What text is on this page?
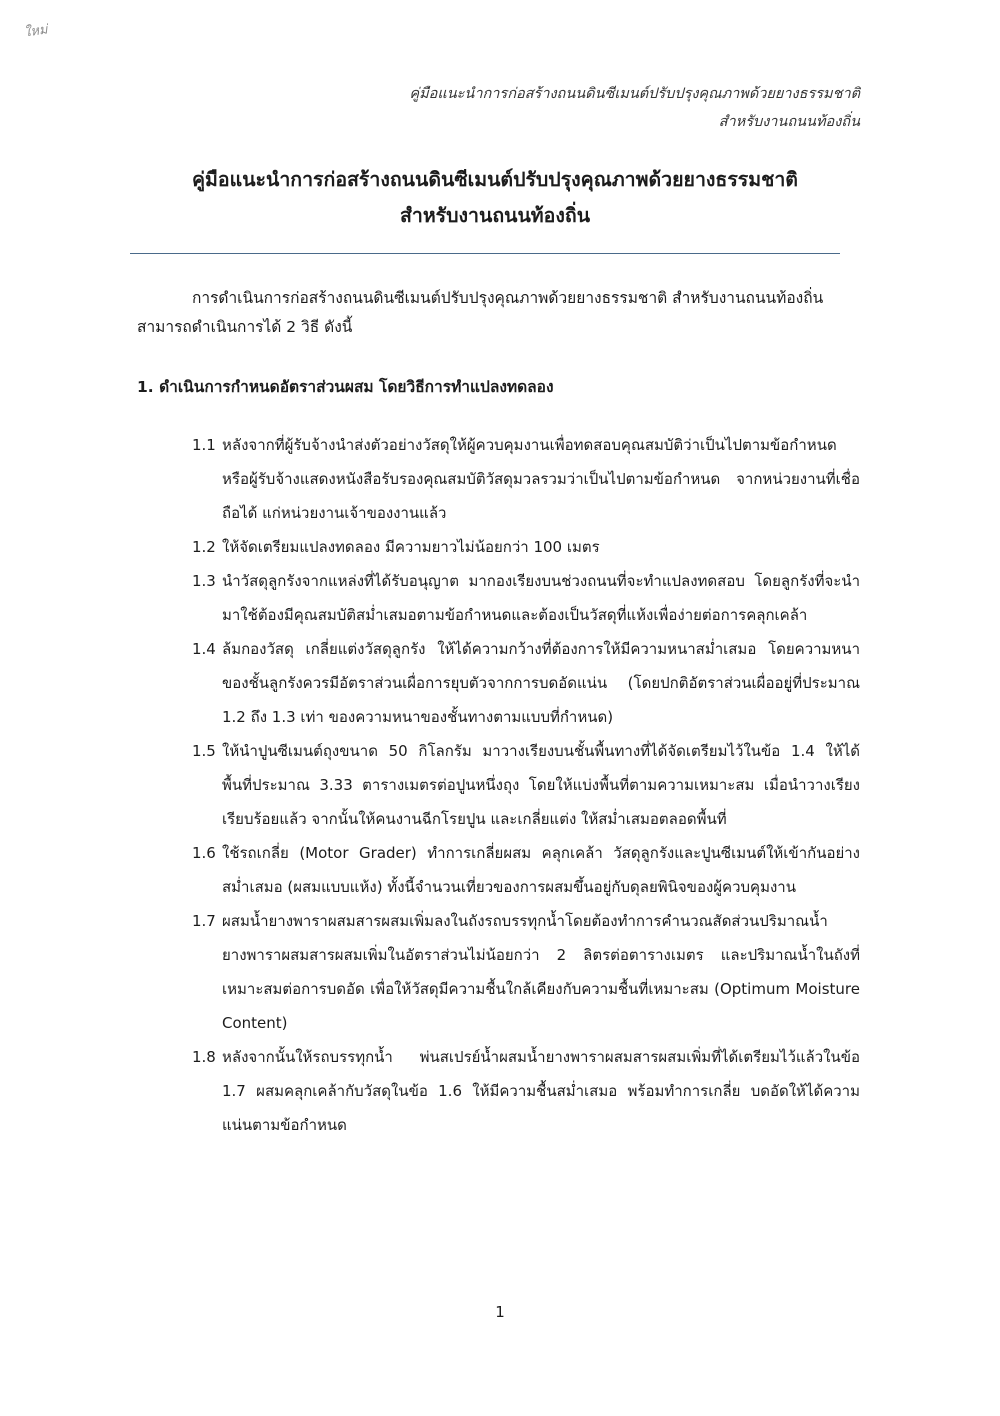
ใหม่
คู่มือแนะนำการก่อสร้างถนนดินซีเมนต์ปรับปรุงคุณภาพด้วยยางธรรมชาติ
สำหรับงานถนนท้องถิ่น
คู่มือแนะนำการก่อสร้างถนนดินซีเมนต์ปรับปรุงคุณภาพด้วยยางธรรมชาติ
สำหรับงานถนนท้องถิ่น
การดำเนินการก่อสร้างถนนดินซีเมนต์ปรับปรุงคุณภาพด้วยยางธรรมชาติ สำหรับงานถนนท้องถิ่น
สามารถดำเนินการได้ 2 วิธี ดังนี้
1. ดำเนินการกำหนดอัตราส่วนผสม โดยวิธีการทำแปลงทดลอง
1.1 หลังจากที่ผู้รับจ้างนำส่งตัวอย่างวัสดุให้ผู้ควบคุมงานเพื่อทดสอบคุณสมบัติว่าเป็นไปตามข้อกำหนด หรือผู้รับจ้างแสดงหนังสือรับรองคุณสมบัติวัสดุมวลรวมว่าเป็นไปตามข้อกำหนด จากหน่วยงานที่เชื่อถือได้ แก่หน่วยงานเจ้าของงานแล้ว
1.2 ให้จัดเตรียมแปลงทดลอง มีความยาวไม่น้อยกว่า 100 เมตร
1.3 นำวัสดุลูกรังจากแหล่งที่ได้รับอนุญาต มากองเรียงบนช่วงถนนที่จะทำแปลงทดสอบ โดยลูกรังที่จะนำมาใช้ต้องมีคุณสมบัติสม่ำเสมอตามข้อกำหนดและต้องเป็นวัสดุที่แห้งเพื่อง่ายต่อการคลุกเคล้า
1.4 ล้มกองวัสดุ เกลี่ยแต่งวัสดุลูกรัง ให้ได้ความกว้างที่ต้องการให้มีความหนาสม่ำเสมอ โดยความหนาของชั้นลูกรังควรมีอัตราส่วนเผื่อการยุบตัวจากการบดอัดแน่น (โดยปกติอัตราส่วนเผื่ออยู่ที่ประมาณ 1.2 ถึง 1.3 เท่า ของความหนาของชั้นทางตามแบบที่กำหนด)
1.5 ให้นำปูนซีเมนต์ถุงขนาด 50 กิโลกรัม มาวางเรียงบนชั้นพื้นทางที่ได้จัดเตรียมไว้ในข้อ 1.4 ให้ได้พื้นที่ประมาณ 3.33 ตารางเมตรต่อปูนหนึ่งถุง โดยให้แบ่งพื้นที่ตามความเหมาะสม เมื่อนำวางเรียงเรียบร้อยแล้ว จากนั้นให้คนงานฉีกโรยปูน และเกลี่ยแต่ง ให้สม่ำเสมอตลอดพื้นที่
1.6 ใช้รถเกลี่ย (Motor Grader) ทำการเกลี่ยผสม คลุกเคล้า วัสดุลูกรังและปูนซีเมนต์ให้เข้ากันอย่างสม่ำเสมอ (ผสมแบบแห้ง) ทั้งนี้จำนวนเที่ยวของการผสมขึ้นอยู่กับดุลยพินิจของผู้ควบคุมงาน
1.7 ผสมน้ำยางพาราผสมสารผสมเพิ่มลงในถังรถบรรทุกน้ำโดยต้องทำการคำนวณสัดส่วนปริมาณน้ำยางพาราผสมสารผสมเพิ่มในอัตราส่วนไม่น้อยกว่า 2 ลิตรต่อตารางเมตร และปริมาณน้ำในถังที่เหมาะสมต่อการบดอัด เพื่อให้วัสดุมีความชื้นใกล้เคียงกับความชื้นที่เหมาะสม (Optimum Moisture Content)
1.8 หลังจากนั้นให้รถบรรทุกน้ำ พ่นสเปรย์น้ำผสมน้ำยางพาราผสมสารผสมเพิ่มที่ได้เตรียมไว้แล้วในข้อ 1.7 ผสมคลุกเคล้ากับวัสดุในข้อ 1.6 ให้มีความชื้นสม่ำเสมอ พร้อมทำการเกลี่ย บดอัดให้ได้ความแน่นตามข้อกำหนด
1
